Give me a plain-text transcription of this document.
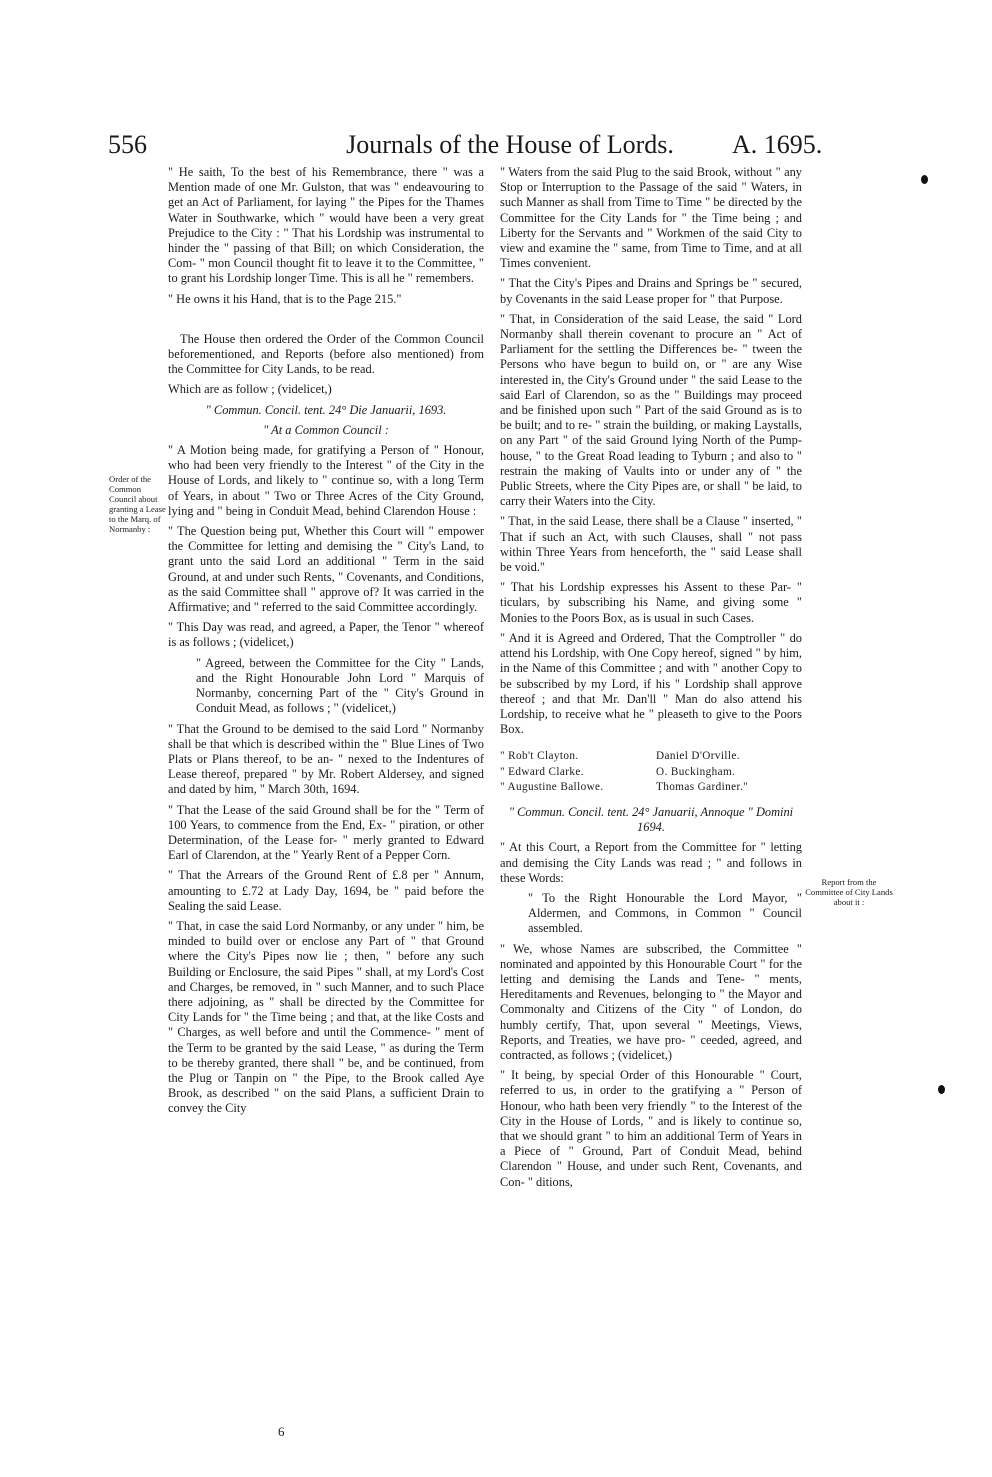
556	Journals of the House of Lords. A. 1695.
Order of the Common Council about granting a Lease to the Marq. of Normanby :
Report from the Committee of City Lands about it :

" He saith, To the best of his Remembrance, there " was a Mention made of one Mr. Gulston, that was " endeavouring to get an Act of Parliament, for laying " the Pipes for the Thames Water in Southwarke, which " would have been a very great Prejudice to the City : " That his Lordship was instrumental to hinder the " passing of that Bill; on which Consideration, the Com- " mon Council thought fit to leave it to the Committee, " to grant his Lordship longer Time. This is all he " remembers.

" He owns it his Hand, that is to the Page 215."

The House then ordered the Order of the Common Council beforementioned, and Reports (before also mentioned) from the Committee for City Lands, to be read.

Which are as follow ; (videlicet,)

" Commun. Concil. tent. 24° Die Januarii, 1693.

" At a Common Council :

" A Motion being made, for gratifying a Person of " Honour, who had been very friendly to the Interest " of the City in the House of Lords, and likely to " continue so, with a long Term of Years, in about " Two or Three Acres of the City Ground, lying and " being in Conduit Mead, behind Clarendon House :

" The Question being put, Whether this Court will " empower the Committee for letting and demising the " City's Land, to grant unto the said Lord an additional " Term in the said Ground, at and under such Rents, " Covenants, and Conditions, as the said Committee shall " approve of? It was carried in the Affirmative; and " referred to the said Committee accordingly.

" This Day was read, and agreed, a Paper, the Tenor " whereof is as follows ; (videlicet,)

" Agreed, between the Committee for the City " Lands, and the Right Honourable John Lord " Marquis of Normanby, concerning Part of the " City's Ground in Conduit Mead, as follows ; " (videlicet,)

" That the Ground to be demised to the said Lord " Normanby shall be that which is described within the " Blue Lines of Two Plats or Plans thereof, to be an- " nexed to the Indentures of Lease thereof, prepared " by Mr. Robert Aldersey, and signed and dated by him, " March 30th, 1694.

" That the Lease of the said Ground shall be for the " Term of 100 Years, to commence from the End, Ex- " piration, or other Determination, of the Lease for- " merly granted to Edward Earl of Clarendon, at the " Yearly Rent of a Pepper Corn.

" That the Arrears of the Ground Rent of £.8 per " Annum, amounting to £.72 at Lady Day, 1694, be " paid before the Sealing the said Lease.

" That, in case the said Lord Normanby, or any under " him, be minded to build over or enclose any Part of " that Ground where the City's Pipes now lie ; then, " before any such Building or Enclosure, the said Pipes " shall, at my Lord's Cost and Charges, be removed, in " such Manner, and to such Place there adjoining, as " shall be directed by the Committee for City Lands for " the Time being ; and that, at the like Costs and " Charges, as well before and until the Commence- " ment of the Term to be granted by the said Lease, " as during the Term to be thereby granted, there shall " be, and be continued, from the Plug or Tanpin on " the Pipe, to the Brook called Aye Brook, as described " on the said Plans, a sufficient Drain to convey the City

" Waters from the said Plug to the said Brook, without " any Stop or Interruption to the Passage of the said " Waters, in such Manner as shall from Time to Time " be directed by the Committee for the City Lands for " the Time being ; and Liberty for the Servants and " Workmen of the said City to view and examine the " same, from Time to Time, and at all Times convenient.

" That the City's Pipes and Drains and Springs be " secured, by Covenants in the said Lease proper for " that Purpose.

" That, in Consideration of the said Lease, the said " Lord Normanby shall therein covenant to procure an " Act of Parliament for the settling the Differences be- " tween the Persons who have begun to build on, or " are any Wise interested in, the City's Ground under " the said Lease to the said Earl of Clarendon, so as the " Buildings may proceed and be finished upon such " Part of the said Ground as is to be built; and to re- " strain the building, or making Laystalls, on any Part " of the said Ground lying North of the Pump-house, " to the Great Road leading to Tyburn ; and also to " restrain the making of Vaults into or under any of " the Public Streets, where the City Pipes are, or shall " be laid, to carry their Waters into the City.

" That, in the said Lease, there shall be a Clause " inserted, " That if such an Act, with such Clauses, shall " not pass within Three Years from henceforth, the " said Lease shall be void."

" That his Lordship expresses his Assent to these Par- " ticulars, by subscribing his Name, and giving some " Monies to the Poors Box, as is usual in such Cases.

" And it is Agreed and Ordered, That the Comptroller " do attend his Lordship, with One Copy hereof, signed " by him, in the Name of this Committee ; and with " another Copy to be subscribed by my Lord, if his " Lordship shall approve thereof ; and that Mr. Dan'll " Man do also attend his Lordship, to receive what he " pleaseth to give to the Poors Box.

" Rob't Clayton.	Daniel D'Orville.
" Edward Clarke.	O. Buckingham.
" Augustine Ballowe.	Thomas Gardiner."

" Commun. Concil. tent. 24° Januarii, Annoque " Domini 1694.

" At this Court, a Report from the Committee for " letting and demising the City Lands was read ; " and follows in these Words:

" To the Right Honourable the Lord Mayor, " Aldermen, and Commons, in Common " Council assembled.

" We, whose Names are subscribed, the Committee " nominated and appointed by this Honourable Court " for the letting and demising the Lands and Tene- " ments, Hereditaments and Revenues, belonging to " the Mayor and Commonalty and Citizens of the City " of London, do humbly certify, That, upon several " Meetings, Views, Reports, and Treaties, we have pro- " ceeded, agreed, and contracted, as follows ; (videlicet,)

" It being, by special Order of this Honourable " Court, referred to us, in order to the gratifying a " Person of Honour, who hath been very friendly " to the Interest of the City in the House of Lords, " and is likely to continue so, that we should grant " to him an additional Term of Years in a Piece of " Ground, Part of Conduit Mead, behind Clarendon " House, and under such Rent, Covenants, and Con- " ditions,

6
